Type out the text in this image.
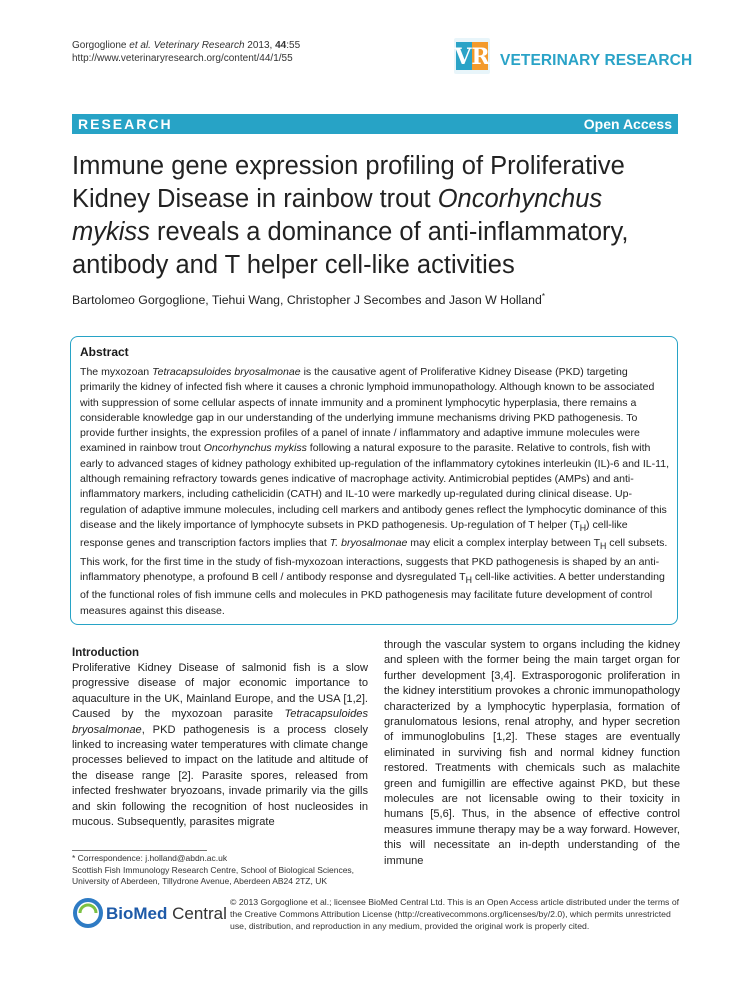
Gorgoglione et al. Veterinary Research 2013, 44:55
http://www.veterinaryresearch.org/content/44/1/55	VR VETERINARY RESEARCH
RESEARCH	Open Access
Immune gene expression profiling of Proliferative Kidney Disease in rainbow trout Oncorhynchus mykiss reveals a dominance of anti-inflammatory, antibody and T helper cell-like activities
Bartolomeo Gorgoglione, Tiehui Wang, Christopher J Secombes and Jason W Holland*
Abstract
The myxozoan Tetracapsuloides bryosalmonae is the causative agent of Proliferative Kidney Disease (PKD) targeting primarily the kidney of infected fish where it causes a chronic lymphoid immunopathology. Although known to be associated with suppression of some cellular aspects of innate immunity and a prominent lymphocytic hyperplasia, there remains a considerable knowledge gap in our understanding of the underlying immune mechanisms driving PKD pathogenesis. To provide further insights, the expression profiles of a panel of innate / inflammatory and adaptive immune molecules were examined in rainbow trout Oncorhynchus mykiss following a natural exposure to the parasite. Relative to controls, fish with early to advanced stages of kidney pathology exhibited up-regulation of the inflammatory cytokines interleukin (IL)-6 and IL-11, although remaining refractory towards genes indicative of macrophage activity. Antimicrobial peptides (AMPs) and anti-inflammatory markers, including cathelicidin (CATH) and IL-10 were markedly up-regulated during clinical disease. Up-regulation of adaptive immune molecules, including cell markers and antibody genes reflect the lymphocytic dominance of this disease and the likely importance of lymphocyte subsets in PKD pathogenesis. Up-regulation of T helper $(T_H)$ cell-like response genes and transcription factors implies that T. bryosalmonae may elicit a complex interplay between $T_H$ cell subsets. This work, for the first time in the study of fish-myxozoan interactions, suggests that PKD pathogenesis is shaped by an anti-inflammatory phenotype, a profound B cell / antibody response and dysregulated $T_H$ cell-like activities. A better understanding of the functional roles of fish immune cells and molecules in PKD pathogenesis may facilitate future development of control measures against this disease.
Introduction

Proliferative Kidney Disease of salmonid fish is a slow progressive disease of major economic importance to aquaculture in the UK, Mainland Europe, and the USA [1,2]. Caused by the myxozoan parasite Tetracapsuloides bryosalmonae, PKD pathogenesis is a process closely linked to increasing water temperatures with climate change processes believed to impact on the latitude and altitude of the disease range [2]. Parasite spores, released from infected freshwater bryozoans, invade primarily via the gills and skin following the recognition of host nucleosides in mucous. Subsequently, parasites migrate

through the vascular system to organs including the kidney and spleen with the former being the main target organ for further development [3,4]. Extrasporogonic proliferation in the kidney interstitium provokes a chronic immunopathology characterized by a lymphocytic hyperplasia, formation of granulomatous lesions, renal atrophy, and hyper secretion of immunoglobulins [1,2]. These stages are eventually eliminated in surviving fish and normal kidney function restored. Treatments with chemicals such as malachite green and fumigillin are effective against PKD, but these molecules are not licensable owing to their toxicity in humans [5,6]. Thus, in the absence of effective control measures immune therapy may be a way forward. However, this will necessitate an in-depth understanding of the immune

* Correspondence: j.holland@abdn.ac.uk
Scottish Fish Immunology Research Centre, School of Biological Sciences, University of Aberdeen, Tillydrone Avenue, Aberdeen AB24 2TZ, UK
BioMed Central
© 2013 Gorgoglione et al.; licensee BioMed Central Ltd. This is an Open Access article distributed under the terms of the Creative Commons Attribution License (http://creativecommons.org/licenses/by/2.0), which permits unrestricted use, distribution, and reproduction in any medium, provided the original work is properly cited.
